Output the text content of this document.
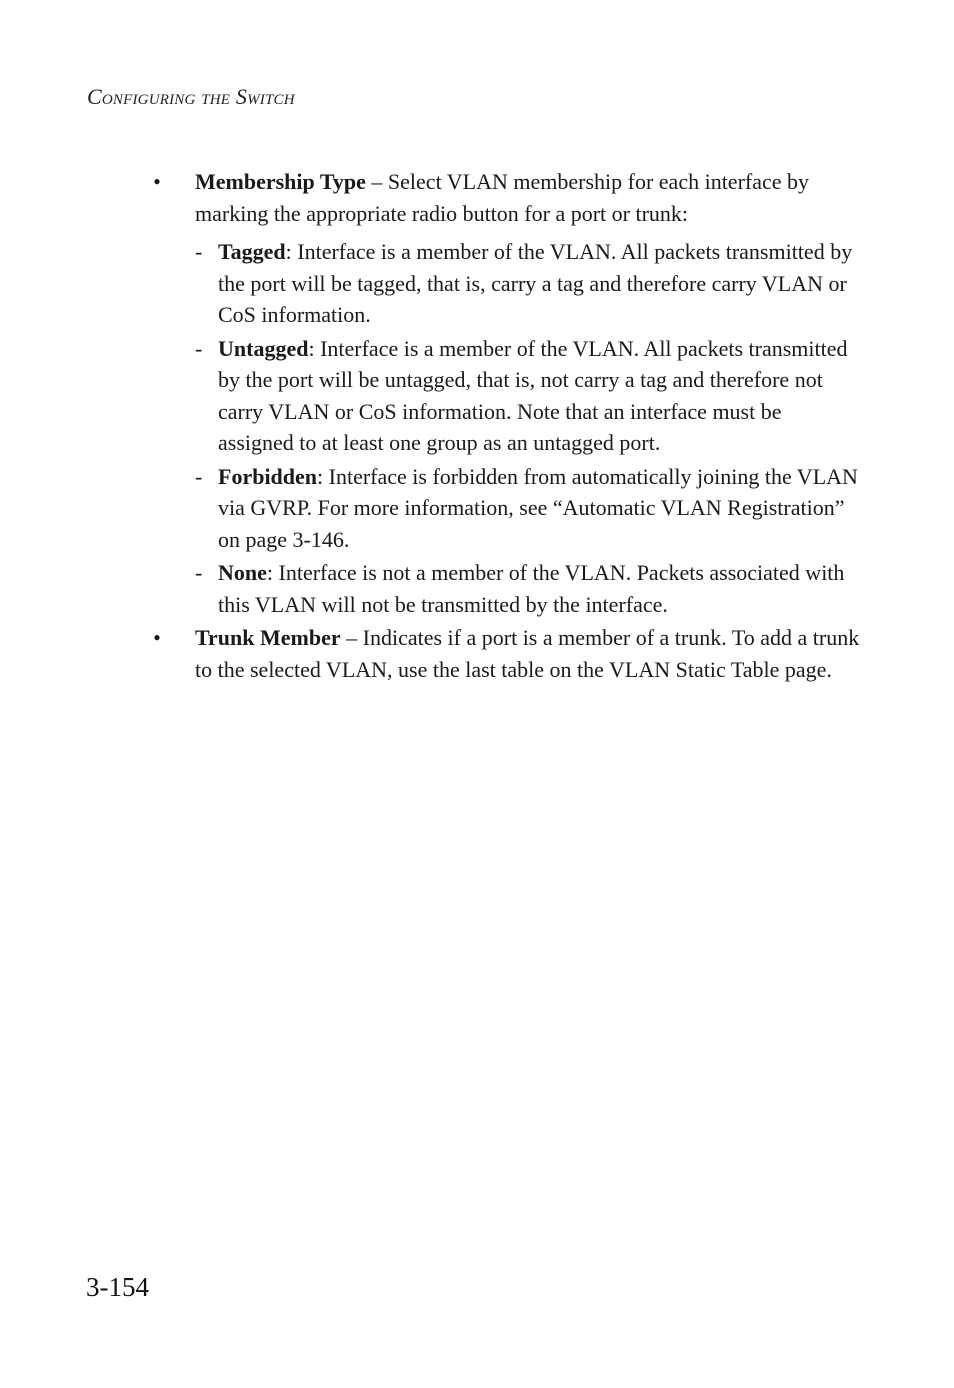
Configuring the Switch
• Membership Type – Select VLAN membership for each interface by marking the appropriate radio button for a port or trunk:
- Tagged: Interface is a member of the VLAN. All packets transmitted by the port will be tagged, that is, carry a tag and therefore carry VLAN or CoS information.
- Untagged: Interface is a member of the VLAN. All packets transmitted by the port will be untagged, that is, not carry a tag and therefore not carry VLAN or CoS information. Note that an interface must be assigned to at least one group as an untagged port.
- Forbidden: Interface is forbidden from automatically joining the VLAN via GVRP. For more information, see “Automatic VLAN Registration” on page 3-146.
- None: Interface is not a member of the VLAN. Packets associated with this VLAN will not be transmitted by the interface.
• Trunk Member – Indicates if a port is a member of a trunk. To add a trunk to the selected VLAN, use the last table on the VLAN Static Table page.
3-154
